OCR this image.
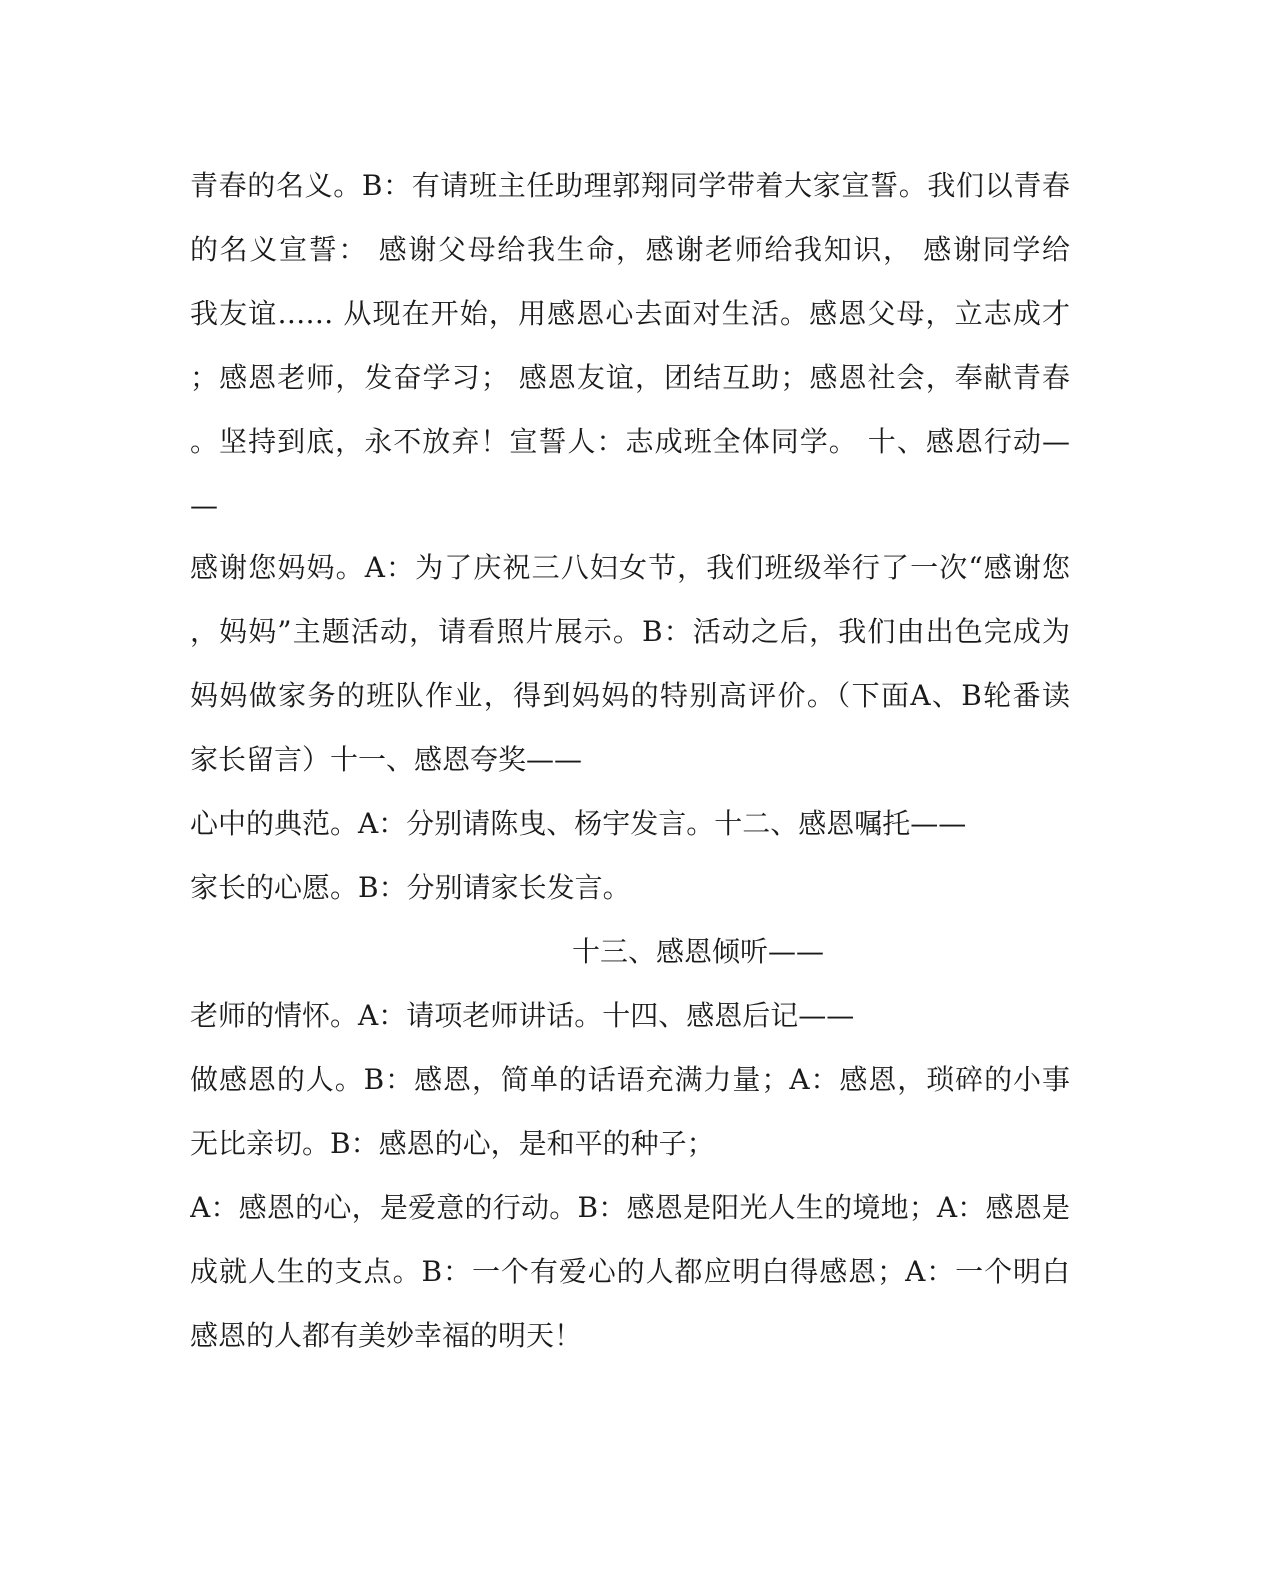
青春的名义。B：有请班主任助理郭翔同学带着大家宣誓。我们以青春
的名义宣誓： 感谢父母给我生命，感谢老师给我知识， 感谢同学给
我友谊…… 从现在开始，用感恩心去面对生活。感恩父母，立志成才
；感恩老师，发奋学习； 感恩友谊，团结互助；感恩社会，奉献青春
。坚持到底，永不放弃！宣誓人：志成班全体同学。 十、感恩行动—
—
感谢您妈妈。A：为了庆祝三八妇女节，我们班级举行了一次“感谢您
，妈妈”主题活动，请看照片展示。B：活动之后，我们由出色完成为
妈妈做家务的班队作业，得到妈妈的特别高评价。（下面A、B轮番读
家长留言）十一、感恩夸奖——
心中的典范。A：分别请陈曳、杨宇发言。十二、感恩嘱托——
家长的心愿。B：分别请家长发言。
十三、感恩倾听——
老师的情怀。A：请项老师讲话。十四、感恩后记——
做感恩的人。B：感恩，简单的话语充满力量；A：感恩，琐碎的小事
无比亲切。B：感恩的心，是和平的种子；
A：感恩的心，是爱意的行动。B：感恩是阳光人生的境地；A：感恩是
成就人生的支点。B：一个有爱心的人都应明白得感恩；A：一个明白
感恩的人都有美妙幸福的明天！
